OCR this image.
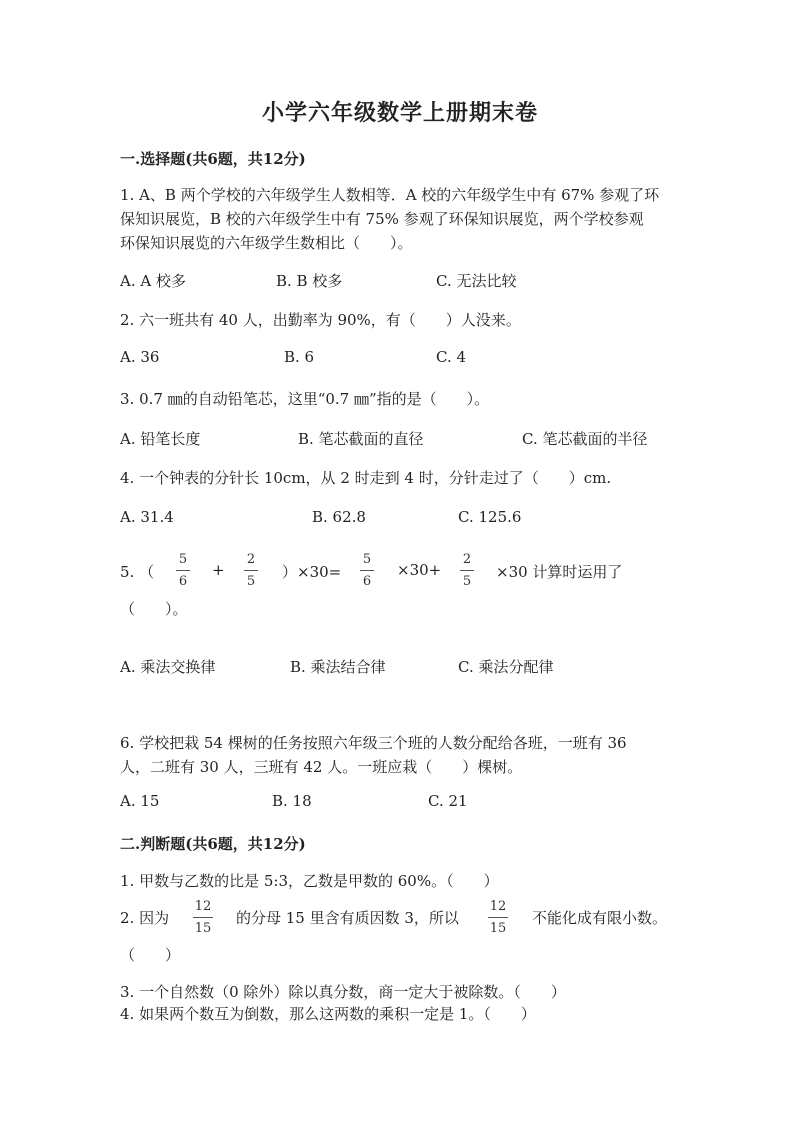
小学六年级数学上册期末卷
一.选择题(共6题，共12分)
1. A、B 两个学校的六年级学生人数相等．A 校的六年级学生中有 67% 参观了环
保知识展览，B 校的六年级学生中有 75% 参观了环保知识展览，两个学校参观
环保知识展览的六年级学生数相比（　　）。
A. A 校多	B. B 校多	C. 无法比较
2. 六一班共有 40 人，出勤率为 90%，有（　　）人没来。
A. 36	B. 6	C. 4
3. 0.7 ㎜的自动铅笔芯，这里“0.7 ㎜”指的是（　　）。
A. 铅笔长度	B. 笔芯截面的直径	C. 笔芯截面的半径
4. 一个钟表的分针长 10cm，从 2 时走到 4 时，分针走过了（　　）cm.
A. 31.4	B. 62.8	C. 125.6
5. （
5
6
+
2
5
）×30=
5
6
×30+
2
5
×30 计算时运用了
（　　）。
A. 乘法交换律	B. 乘法结合律	C. 乘法分配律
6. 学校把栽 54 棵树的任务按照六年级三个班的人数分配给各班，一班有 36
人，二班有 30 人，三班有 42 人。一班应栽（　　）棵树。
A. 15	B. 18	C. 21
二.判断题(共6题，共12分)
1. 甲数与乙数的比是 5:3，乙数是甲数的 60%。（　　）
2. 因为
12
15
的分母 15 里含有质因数 3，所以
12
15
不能化成有限小数。
（　　）
3. 一个自然数（0 除外）除以真分数，商一定大于被除数。（　　）
4. 如果两个数互为倒数，那么这两数的乘积一定是 1。（　　）
